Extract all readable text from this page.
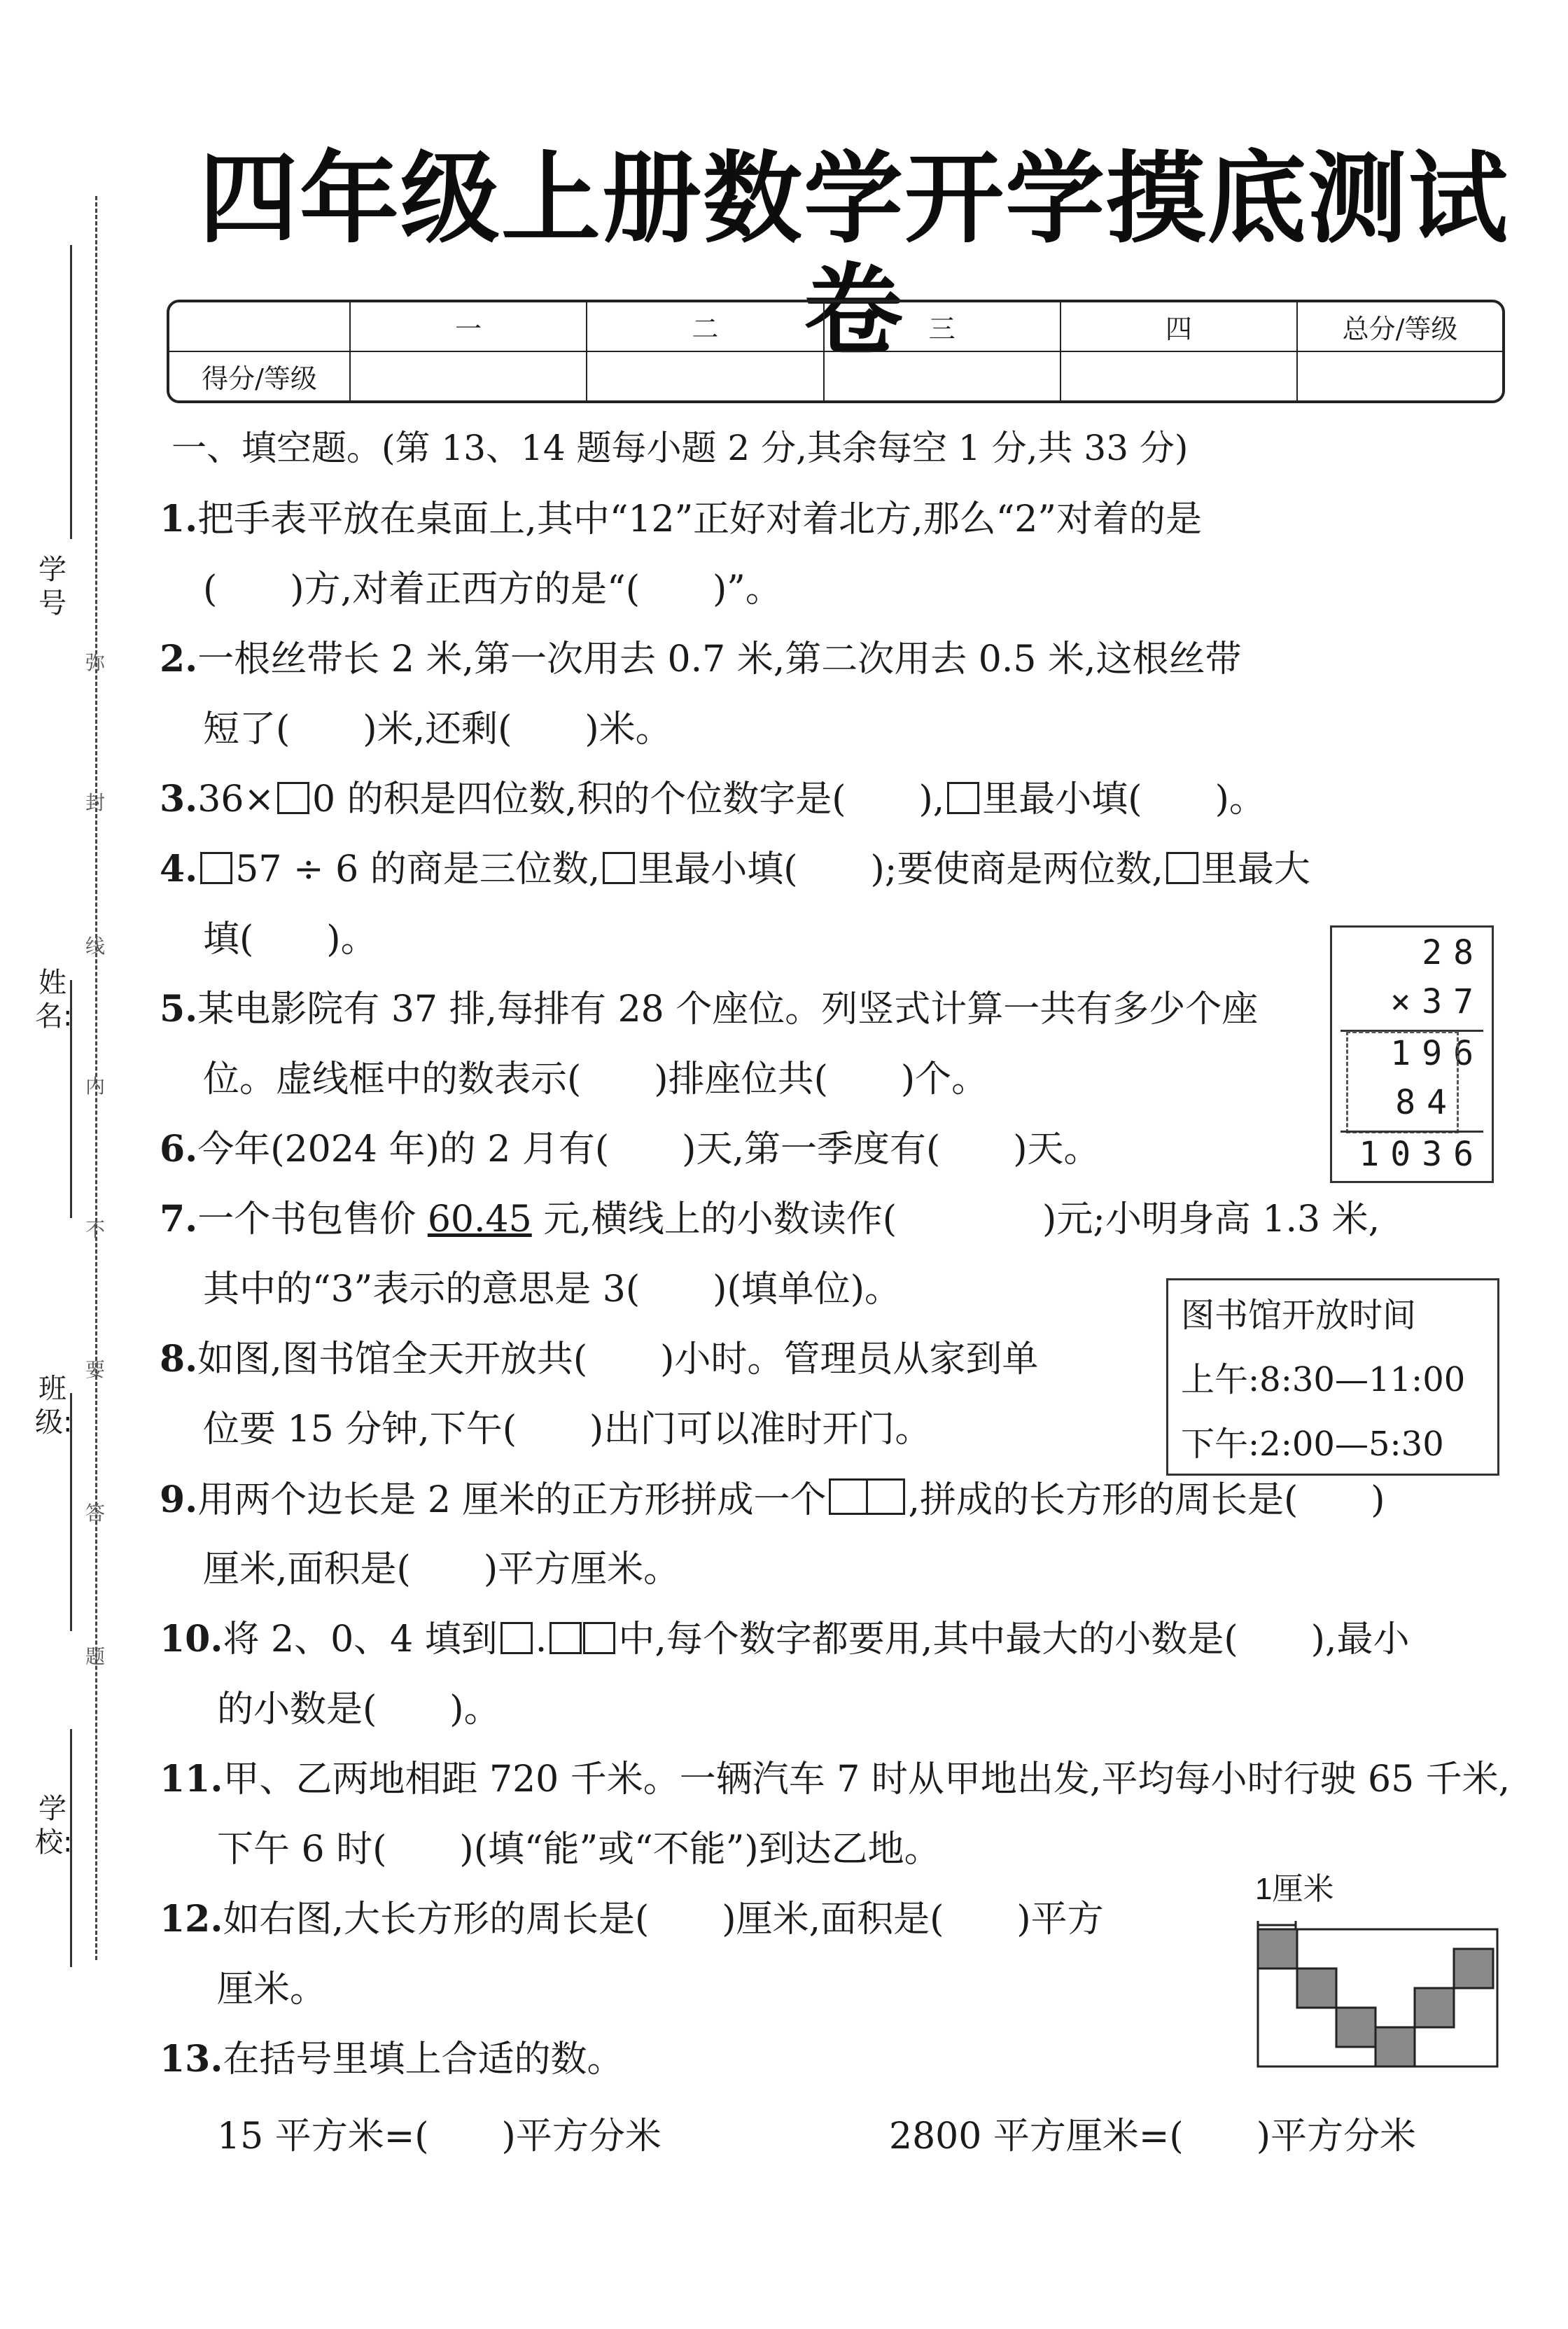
四年级上册数学开学摸底测试卷
	一	二	三	四	总分/等级
得分/等级					
学号
姓名:
班级:
学校:
弥
封
线
内
不
要
答
题
一、填空题。(第 13、14 题每小题 2 分,其余每空 1 分,共 33 分)
1.把手表平放在桌面上,其中“12”正好对着北方,那么“2”对着的是
(　　)方,对着正西方的是“(　　)”。
2.一根丝带长 2 米,第一次用去 0.7 米,第二次用去 0.5 米,这根丝带
短了(　　)米,还剩(　　)米。
3.36× 0 的积是四位数,积的个位数字是(　　), 里最小填(　　)。
4. 57 ÷ 6 的商是三位数, 里最小填(　　);要使商是两位数, 里最大
填(　　)。	28
×37
196
84
1036
5.某电影院有 37 排,每排有 28 个座位。列竖式计算一共有多少个座
位。虚线框中的数表示(　　)排座位共(　　)个。
6.今年(2024 年)的 2 月有(　　)天,第一季度有(　　)天。
7.一个书包售价 60.45 元,横线上的小数读作(　　　　)元;小明身高 1.3 米,
其中的“3”表示的意思是 3(　　)(填单位)。
图书馆开放时间
上午:8:30—11:00
下午:2:00—5:30
8.如图,图书馆全天开放共(　　)小时。管理员从家到单
位要 15 分钟,下午(　　)出门可以准时开门。
9.用两个边长是 2 厘米的正方形拼成一个 ,拼成的长方形的周长是(　　)
厘米,面积是(　　)平方厘米。
10.将 2、0、4 填到 . 中,每个数字都要用,其中最大的小数是(　　),最小
的小数是(　　)。
11.甲、乙两地相距 720 千米。一辆汽车 7 时从甲地出发,平均每小时行驶 65 千米,
下午 6 时(　　)(填“能”或“不能”)到达乙地。
12.如右图,大长方形的周长是(　　)厘米,面积是(　　)平方
厘米。
1厘米
13.在括号里填上合适的数。
15 平方米=(　　)平方分米	2800 平方厘米=(　　)平方分米
